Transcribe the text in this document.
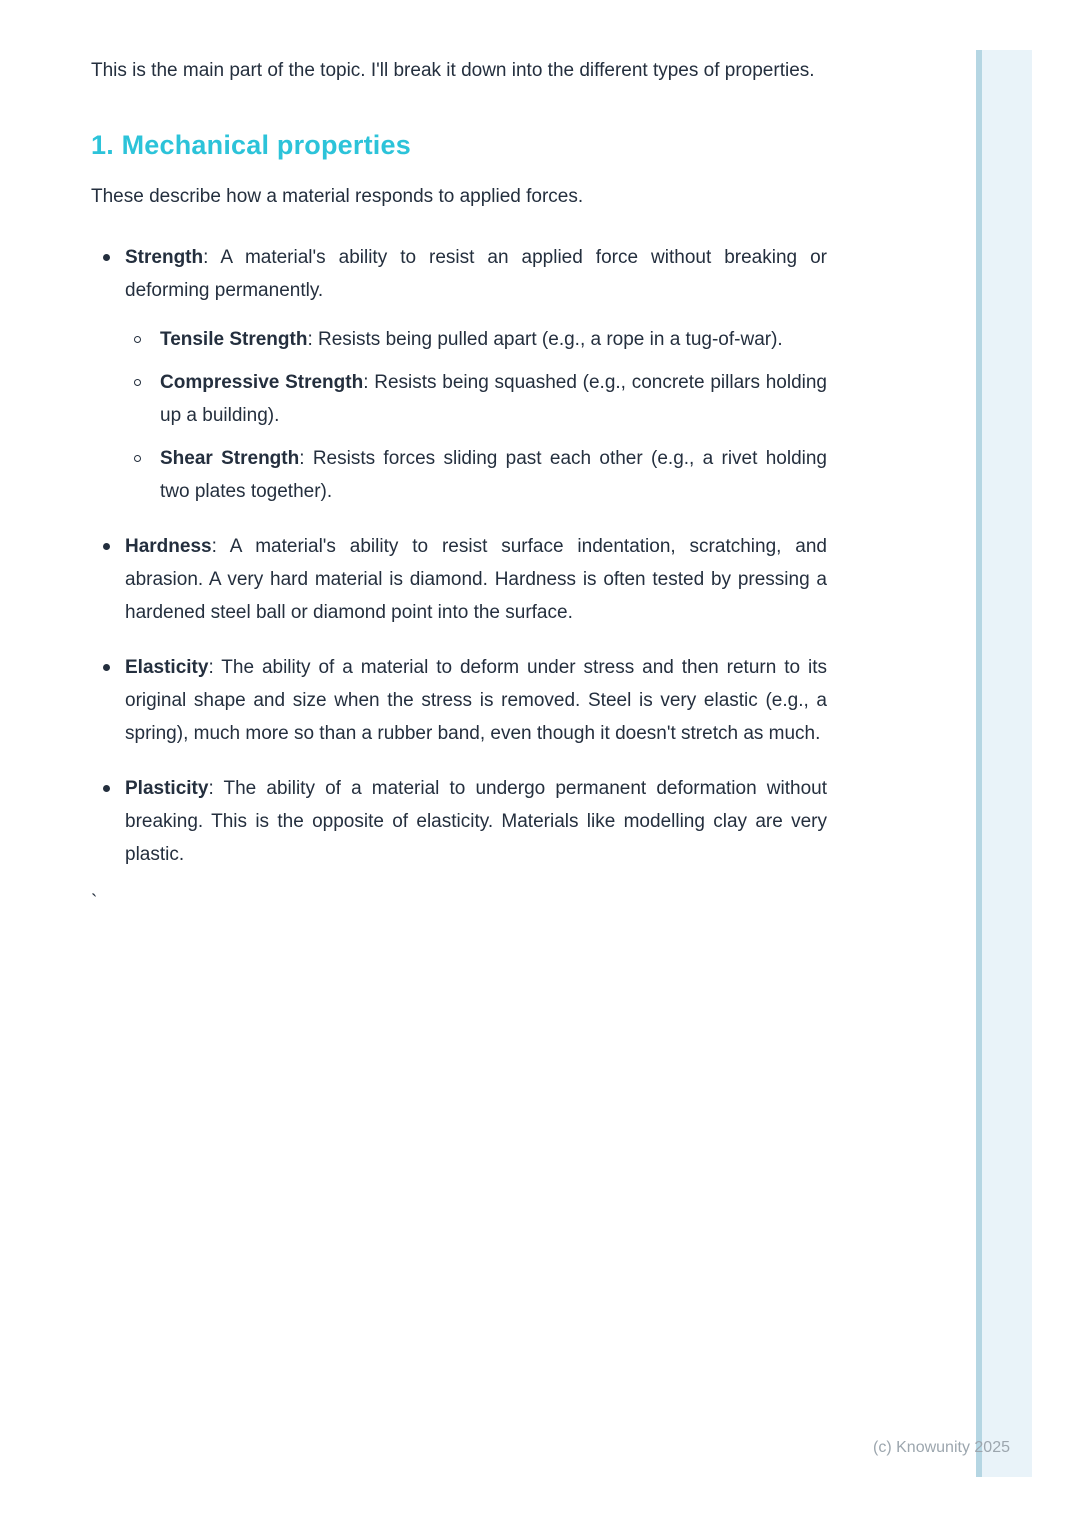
This is the main part of the topic. I'll break it down into the different types of properties.

1. Mechanical properties

These describe how a material responds to applied forces.

Strength: A material's ability to resist an applied force without breaking or deforming permanently.
Tensile Strength: Resists being pulled apart (e.g., a rope in a tug-of-war).
Compressive Strength: Resists being squashed (e.g., concrete pillars holding up a building).
Shear Strength: Resists forces sliding past each other (e.g., a rivet holding two plates together).
Hardness: A material's ability to resist surface indentation, scratching, and abrasion. A very hard material is diamond. Hardness is often tested by pressing a hardened steel ball or diamond point into the surface.
Elasticity: The ability of a material to deform under stress and then return to its original shape and size when the stress is removed. Steel is very elastic (e.g., a spring), much more so than a rubber band, even though it doesn't stretch as much.
Plasticity: The ability of a material to undergo permanent deformation without breaking. This is the opposite of elasticity. Materials like modelling clay are very plastic.

`

(c) Knowunity 2025
